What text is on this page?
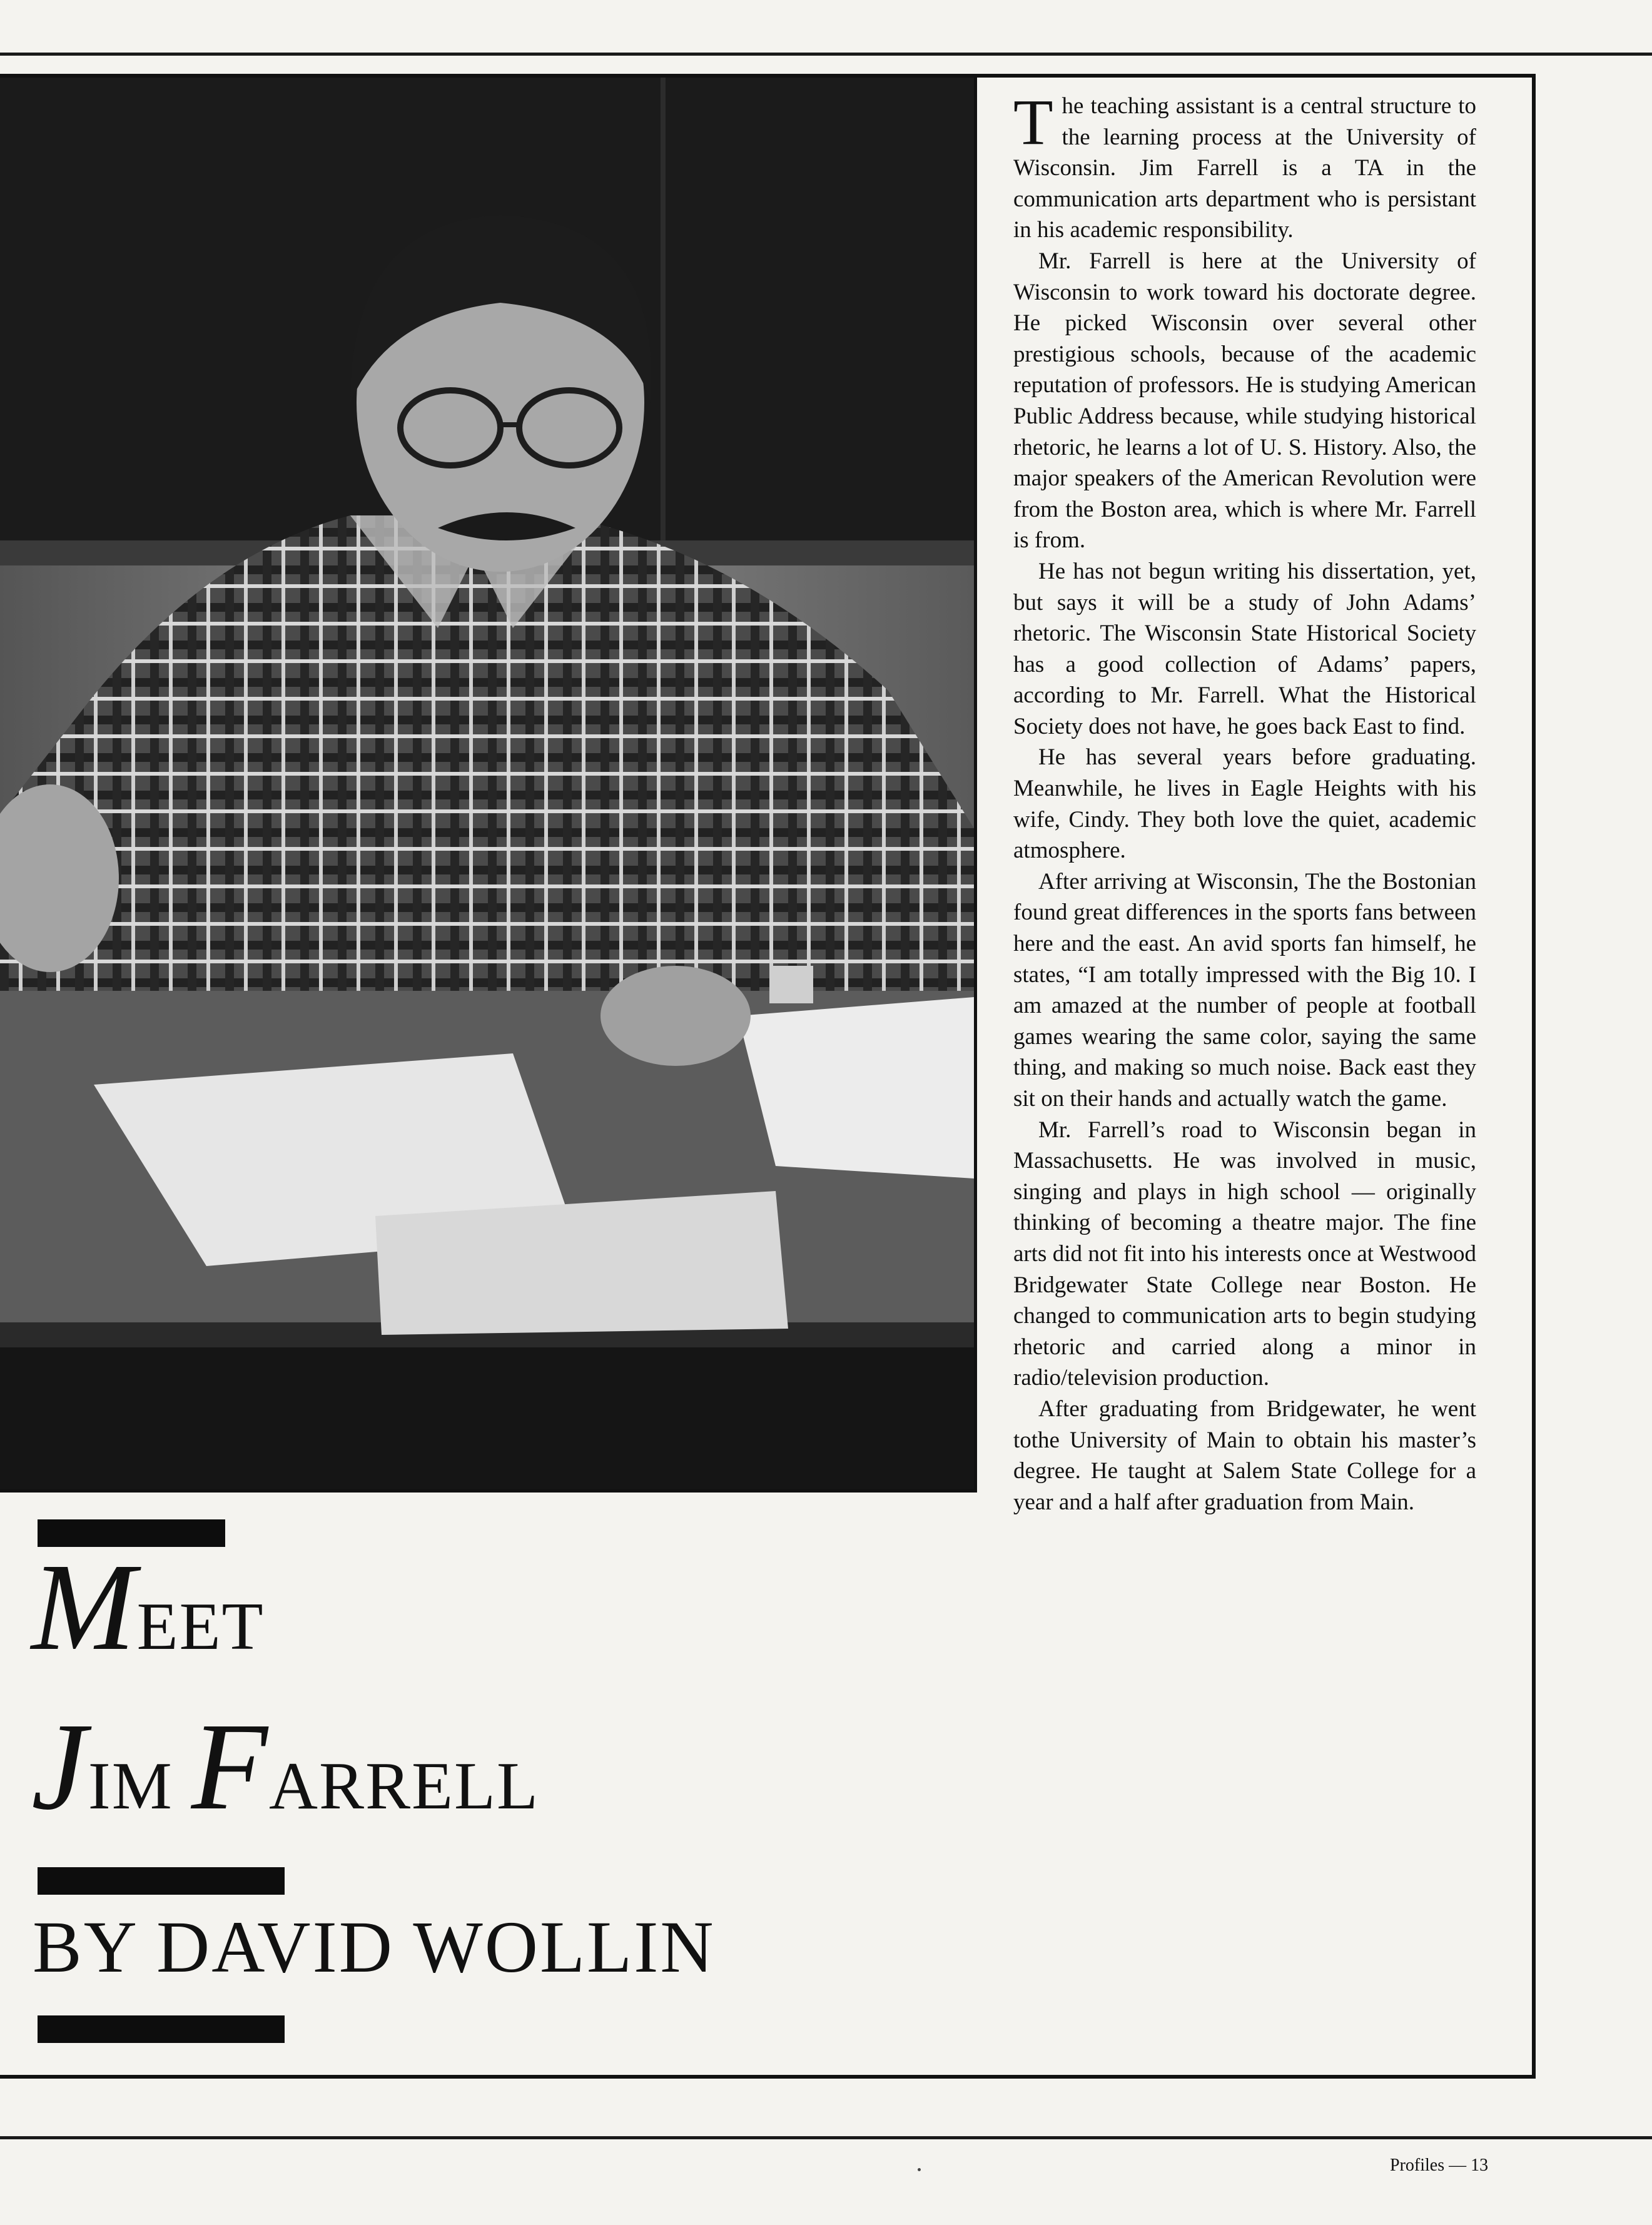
The teaching assistant is a central structure to the learning process at the University of Wisconsin. Jim Farrell is a TA in the communication arts department who is persistant in his academic responsibility.

Mr. Farrell is here at the University of Wisconsin to work toward his doctorate degree. He picked Wisconsin over several other prestigious schools, because of the academic reputation of professors. He is studying American Public Address because, while studying historical rhetoric, he learns a lot of U. S. History. Also, the major speakers of the American Revolution were from the Boston area, which is where Mr. Farrell is from.

He has not begun writing his dissertation, yet, but says it will be a study of John Adams’ rhetoric. The Wisconsin State Historical Society has a good collection of Adams’ papers, according to Mr. Farrell. What the Historical Society does not have, he goes back East to find.

He has several years before graduating. Meanwhile, he lives in Eagle Heights with his wife, Cindy. They both love the quiet, academic atmosphere.

After arriving at Wisconsin, The the Bostonian found great differences in the sports fans between here and the east. An avid sports fan himself, he states, “I am totally impressed with the Big 10. I am amazed at the number of people at football games wearing the same color, saying the same thing, and making so much noise. Back east they sit on their hands and actually watch the game.

Mr. Farrell’s road to Wisconsin began in Massachusetts. He was involved in music, singing and plays in high school — originally thinking of becoming a theatre major. The fine arts did not fit into his interests once at Westwood Bridgewater State College near Boston. He changed to communication arts to begin studying rhetoric and carried along a minor in radio/television production.

After graduating from Bridgewater, he went tothe University of Main to obtain his master’s degree. He taught at Salem State College for a year and a half after graduation from Main.

MEET
JIM FARRELL
BY DAVID WOLLIN
Profiles — 13
